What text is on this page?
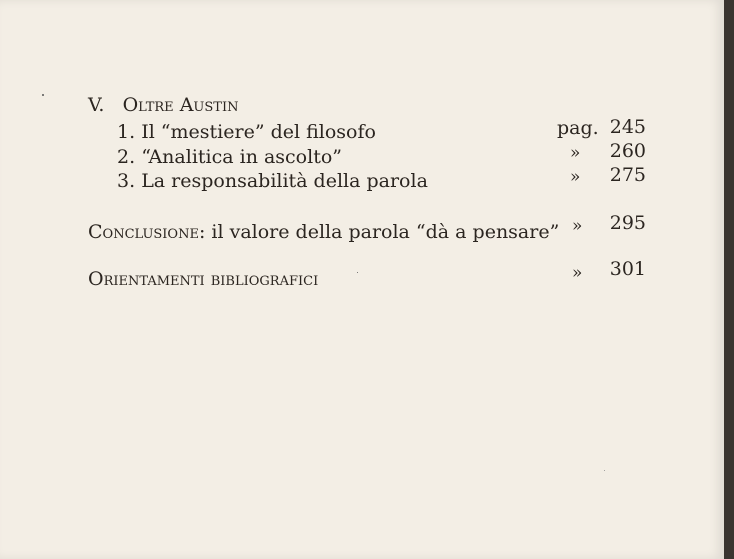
V. Oltre Austin
1. Il “mestiere” del filosofo	pag. 245
2. “Analitica in ascolto”	» 260
3. La responsabilità della parola	» 275
Conclusione: il valore della parola “dà a pensare” » 295
Orientamenti bibliografici	» 301
